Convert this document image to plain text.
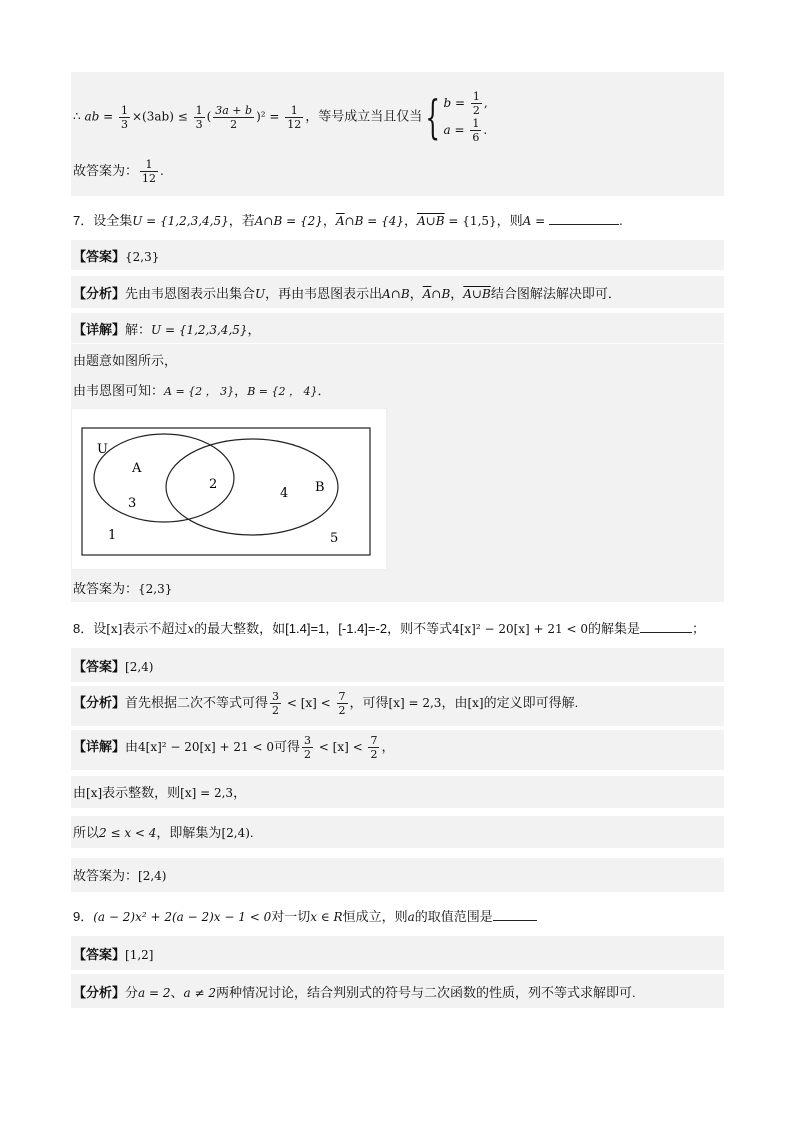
∴ ab = $\frac{1}{3} \times(3ab) \le \frac{1}{3}$ ( $\frac{3a + b}{2} )^2 = \frac{1}{12}$ ，等号成立当且仅当{ $b = \frac{1}{2}$ ,
$a = \frac{1}{6}$ .
故答案为： $\frac{1}{12}$ .
7．设全集U = {1,2,3,4,5}，若A∩B = {2}，$\overline{A}\cap B = \{4\}$，A∪B = {1,5}，则A =	.
【答案】{2,3}
【分析】先由韦恩图表示出集合U，再由韦恩图表示出A∩B，$\overline{A}\cap B$，A∪B结合图解法解决即可．
【详解】解：U = {1,2,3,4,5}，
由题意如图所示，
由韦恩图可知：A = {2 ， 3}，B = {2 ， 4}．
U
A
B
2
3
4
1	5
故答案为：{2,3}
8．设[x]表示不超过x的最大整数，如[1.4]=1，[-1.4]=-2，则不等式4[x]² − 20[x] + 21 < 0的解集是	；
【答案】[2,4)
【分析】首先根据二次不等式可得 $\frac{3}{2} < [x] < \frac{7}{2}$ ，可得[x] = 2,3，由[x]的定义即可得解.
【详解】由4[x]² − 20[x] + 21 < 0可得 $\frac{3}{2} < [x] < \frac{7}{2}$ ，
由[x]表示整数，则[x] = 2,3，
所以2 ≤ x < 4，即解集为[2,4).
故答案为：[2,4)
9．(a − 2)x² + 2(a − 2)x − 1 < 0对一切x ∈ R恒成立，则a的取值范围是
【答案】[1,2]
【分析】分a = 2、a ≠ 2两种情况讨论，结合判别式的符号与二次函数的性质，列不等式求解即可.
